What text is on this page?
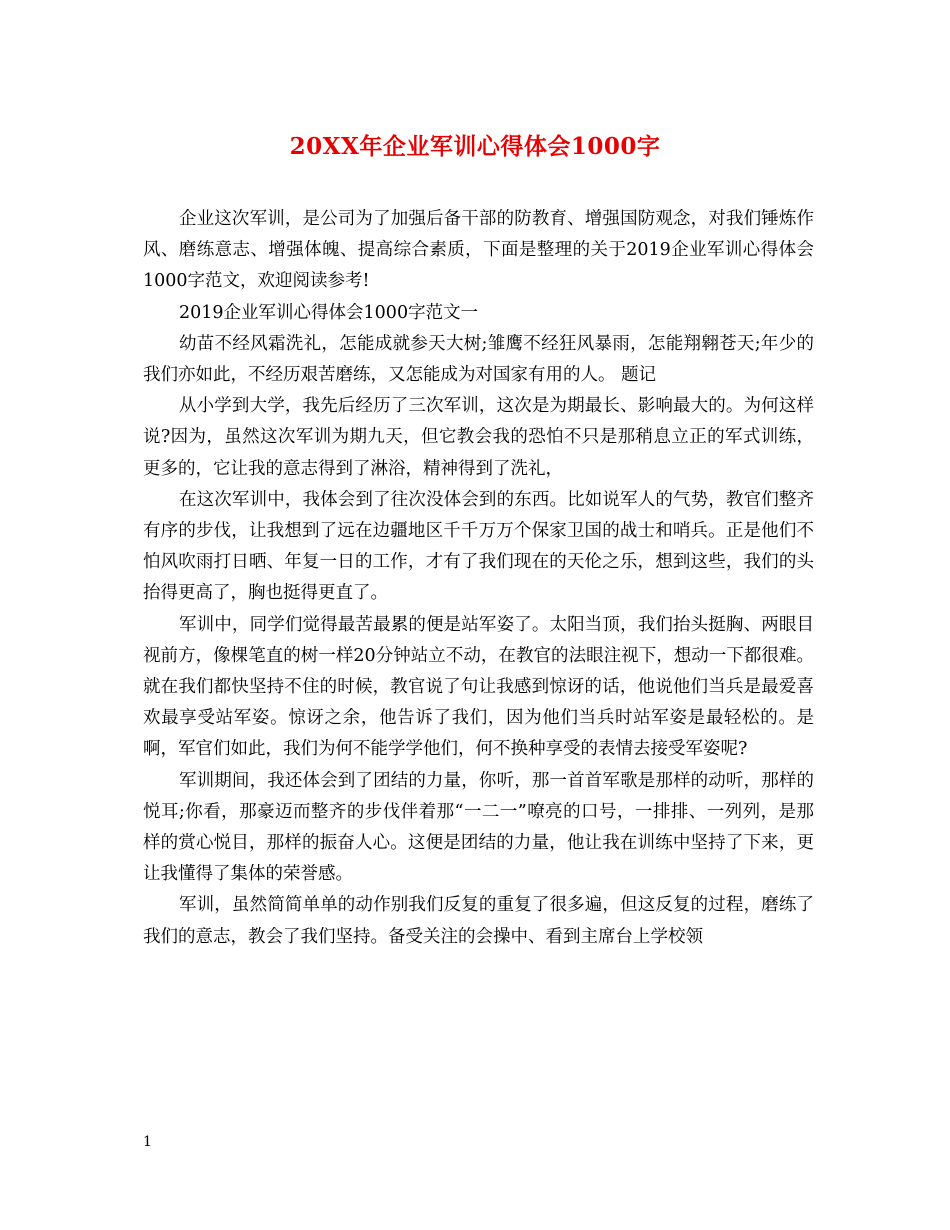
20XX年企业军训心得体会1000字

企业这次军训，是公司为了加强后备干部的防教育、增强国防观念，对我们锤炼作风、磨练意志、增强体魄、提高综合素质，下面是整理的关于2019企业军训心得体会1000字范文，欢迎阅读参考!

2019企业军训心得体会1000字范文一

幼苗不经风霜洗礼，怎能成就参天大树;雏鹰不经狂风暴雨，怎能翔翱苍天;年少的我们亦如此，不经历艰苦磨练，又怎能成为对国家有用的人。 题记

从小学到大学，我先后经历了三次军训，这次是为期最长、影响最大的。为何这样说?因为，虽然这次军训为期九天，但它教会我的恐怕不只是那稍息立正的军式训练，更多的，它让我的意志得到了淋浴，精神得到了洗礼，

在这次军训中，我体会到了往次没体会到的东西。比如说军人的气势，教官们整齐有序的步伐，让我想到了远在边疆地区千千万万个保家卫国的战士和哨兵。正是他们不怕风吹雨打日晒、年复一日的工作，才有了我们现在的天伦之乐，想到这些，我们的头抬得更高了，胸也挺得更直了。

军训中，同学们觉得最苦最累的便是站军姿了。太阳当顶，我们抬头挺胸、两眼目视前方，像棵笔直的树一样20分钟站立不动，在教官的法眼注视下，想动一下都很难。就在我们都快坚持不住的时候，教官说了句让我感到惊讶的话，他说他们当兵是最爱喜欢最享受站军姿。惊讶之余，他告诉了我们，因为他们当兵时站军姿是最轻松的。是啊，军官们如此，我们为何不能学学他们，何不换种享受的表情去接受军姿呢?

军训期间，我还体会到了团结的力量，你听，那一首首军歌是那样的动听，那样的悦耳;你看，那豪迈而整齐的步伐伴着那“一二一”嘹亮的口号，一排排、一列列，是那样的赏心悦目，那样的振奋人心。这便是团结的力量，他让我在训练中坚持了下来，更让我懂得了集体的荣誉感。

军训，虽然简简单单的动作别我们反复的重复了很多遍，但这反复的过程，磨练了我们的意志，教会了我们坚持。备受关注的会操中、看到主席台上学校领

1
